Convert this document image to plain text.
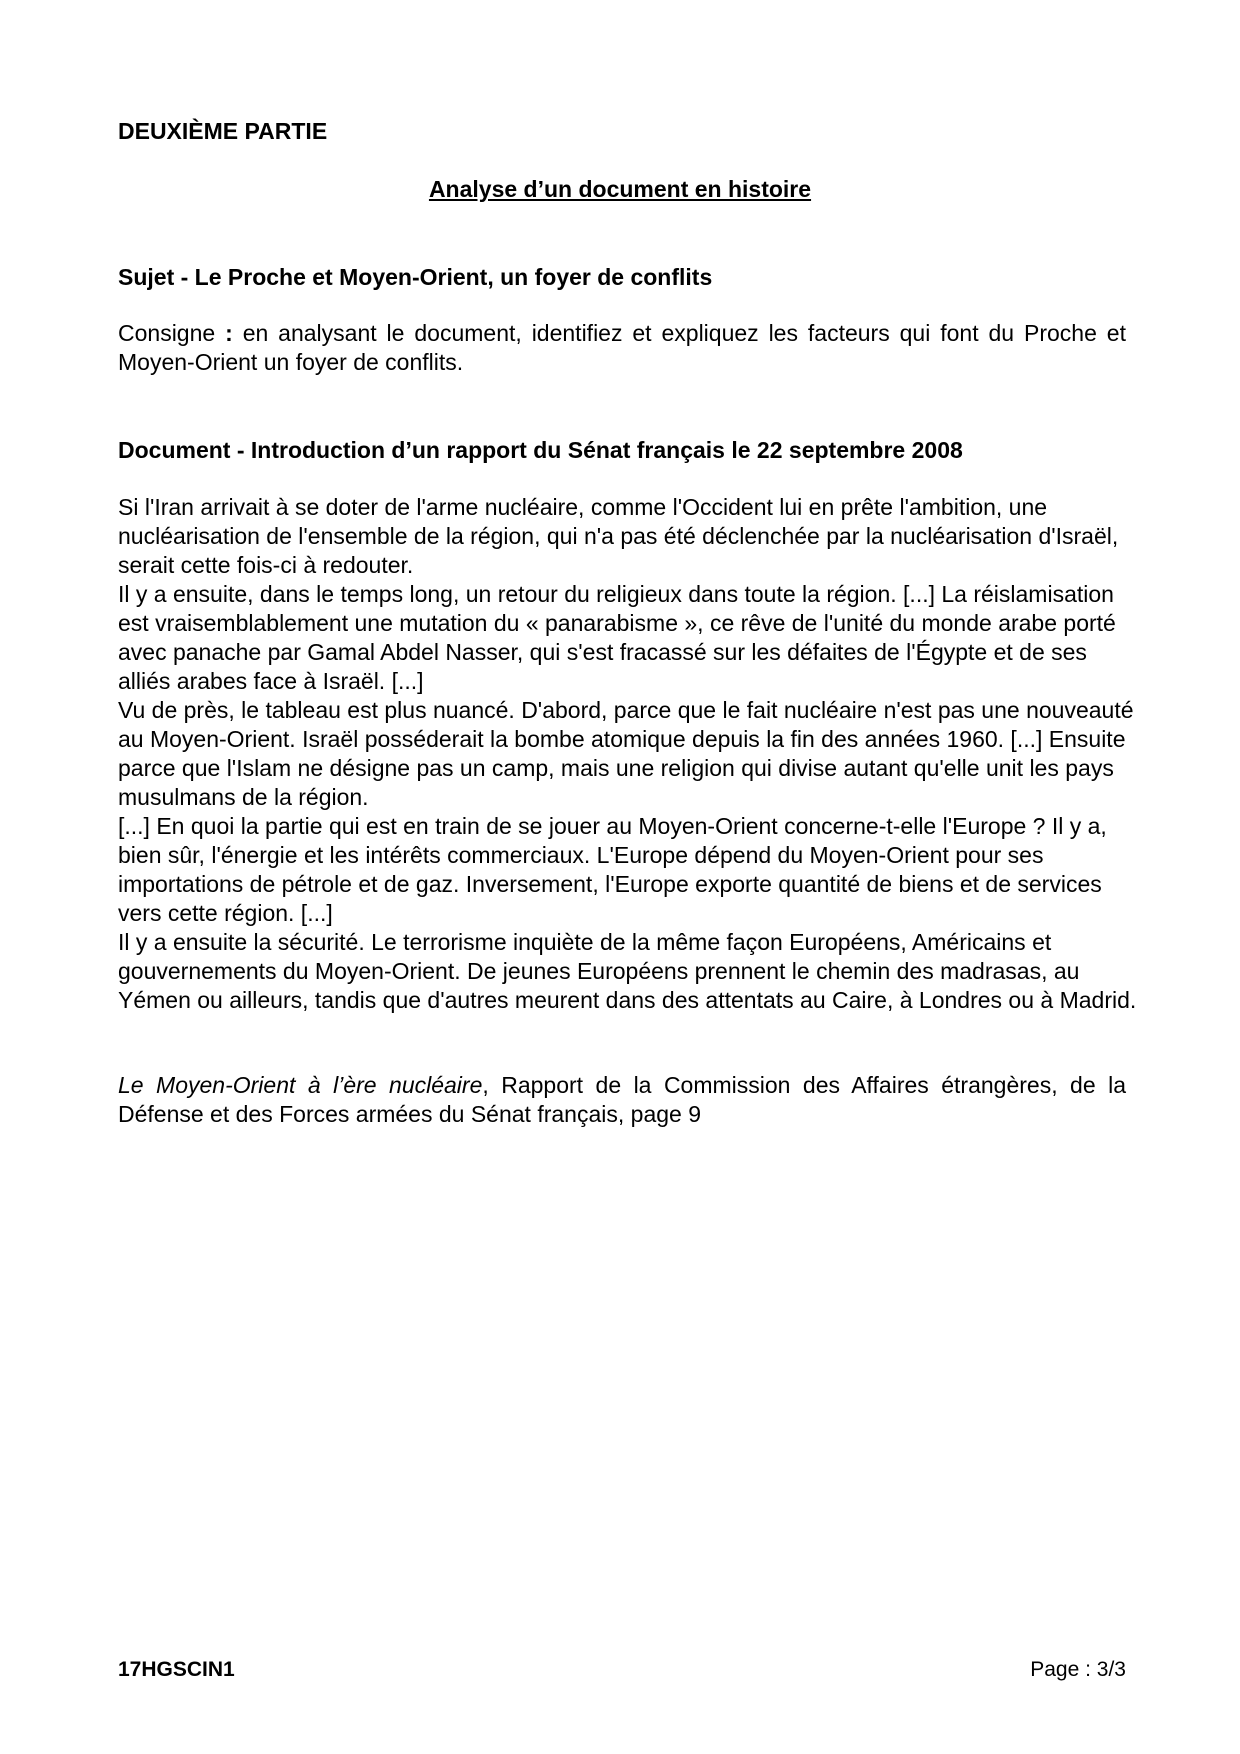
DEUXIÈME PARTIE
Analyse d’un document en histoire
Sujet - Le Proche et Moyen-Orient, un foyer de conflits

Consigne : en analysant le document, identifiez et expliquez les facteurs qui font du Proche et Moyen-Orient un foyer de conflits.

Document - Introduction d’un rapport du Sénat français le 22 septembre 2008

Si l'Iran arrivait à se doter de l'arme nucléaire, comme l'Occident lui en prête l'ambition, une nucléarisation de l'ensemble de la région, qui n'a pas été déclenchée par la nucléarisation d'Israël, serait cette fois-ci à redouter.

Il y a ensuite, dans le temps long, un retour du religieux dans toute la région. [...] La réislamisation est vraisemblablement une mutation du « panarabisme », ce rêve de l'unité du monde arabe porté avec panache par Gamal Abdel Nasser, qui s'est fracassé sur les défaites de l'Égypte et de ses alliés arabes face à Israël. [...]

Vu de près, le tableau est plus nuancé. D'abord, parce que le fait nucléaire n'est pas une nouveauté au Moyen-Orient. Israël posséderait la bombe atomique depuis la fin des années 1960. [...] Ensuite parce que l'Islam ne désigne pas un camp, mais une religion qui divise autant qu'elle unit les pays musulmans de la région.

[...] En quoi la partie qui est en train de se jouer au Moyen-Orient concerne-t-elle l'Europe ? Il y a, bien sûr, l'énergie et les intérêts commerciaux. L'Europe dépend du Moyen-Orient pour ses importations de pétrole et de gaz. Inversement, l'Europe exporte quantité de biens et de services vers cette région. [...]

Il y a ensuite la sécurité. Le terrorisme inquiète de la même façon Européens, Américains et gouvernements du Moyen-Orient. De jeunes Européens prennent le chemin des madrasas, au Yémen ou ailleurs, tandis que d'autres meurent dans des attentats au Caire, à Londres ou à Madrid.

Le Moyen-Orient à l’ère nucléaire, Rapport de la Commission des Affaires étrangères, de la Défense et des Forces armées du Sénat français, page 9

17HGSCIN1	Page : 3/3
